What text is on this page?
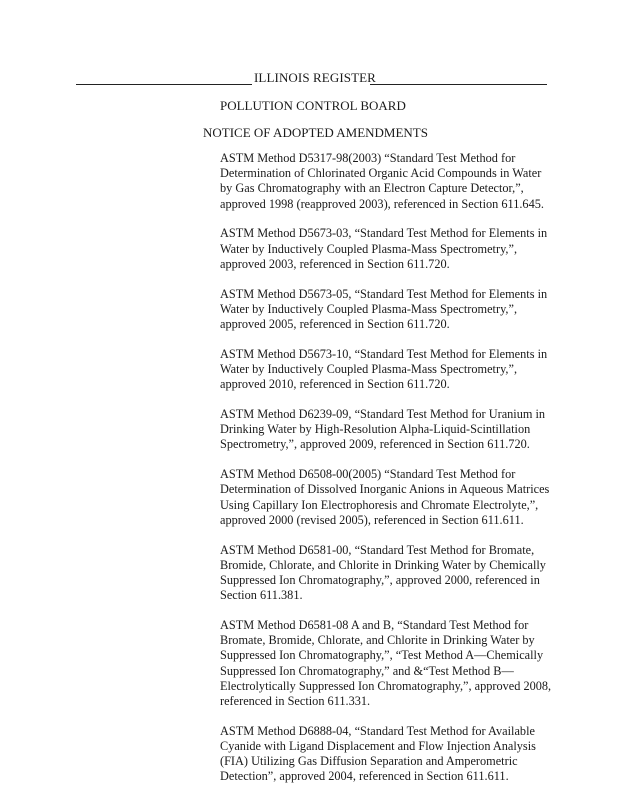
ILLINOIS REGISTER
POLLUTION CONTROL BOARD
NOTICE OF ADOPTED AMENDMENTS

ASTM Method D5317-98(2003) “Standard Test Method for
Determination of Chlorinated Organic Acid Compounds in Water
by Gas Chromatography with an Electron Capture Detector,”,
approved 1998 (reapproved 2003), referenced in Section 611.645.

ASTM Method D5673-03, “Standard Test Method for Elements in
Water by Inductively Coupled Plasma-Mass Spectrometry,”,
approved 2003, referenced in Section 611.720.

ASTM Method D5673-05, “Standard Test Method for Elements in
Water by Inductively Coupled Plasma-Mass Spectrometry,”,
approved 2005, referenced in Section 611.720.

ASTM Method D5673-10, “Standard Test Method for Elements in
Water by Inductively Coupled Plasma-Mass Spectrometry,”,
approved 2010, referenced in Section 611.720.

ASTM Method D6239-09, “Standard Test Method for Uranium in
Drinking Water by High-Resolution Alpha-Liquid-Scintillation
Spectrometry,”, approved 2009, referenced in Section 611.720.

ASTM Method D6508-00(2005) “Standard Test Method for
Determination of Dissolved Inorganic Anions in Aqueous Matrices
Using Capillary Ion Electrophoresis and Chromate Electrolyte,”,
approved 2000 (revised 2005), referenced in Section 611.611.

ASTM Method D6581-00, “Standard Test Method for Bromate,
Bromide, Chlorate, and Chlorite in Drinking Water by Chemically
Suppressed Ion Chromatography,”, approved 2000, referenced in
Section 611.381.

ASTM Method D6581-08 A and B, “Standard Test Method for
Bromate, Bromide, Chlorate, and Chlorite in Drinking Water by
Suppressed Ion Chromatography,”, “Test Method A—Chemically
Suppressed Ion Chromatography,” and &“Test Method B—
Electrolytically Suppressed Ion Chromatography,”, approved 2008,
referenced in Section 611.331.

ASTM Method D6888-04, “Standard Test Method for Available
Cyanide with Ligand Displacement and Flow Injection Analysis
(FIA) Utilizing Gas Diffusion Separation and Amperometric
Detection”, approved 2004, referenced in Section 611.611.
